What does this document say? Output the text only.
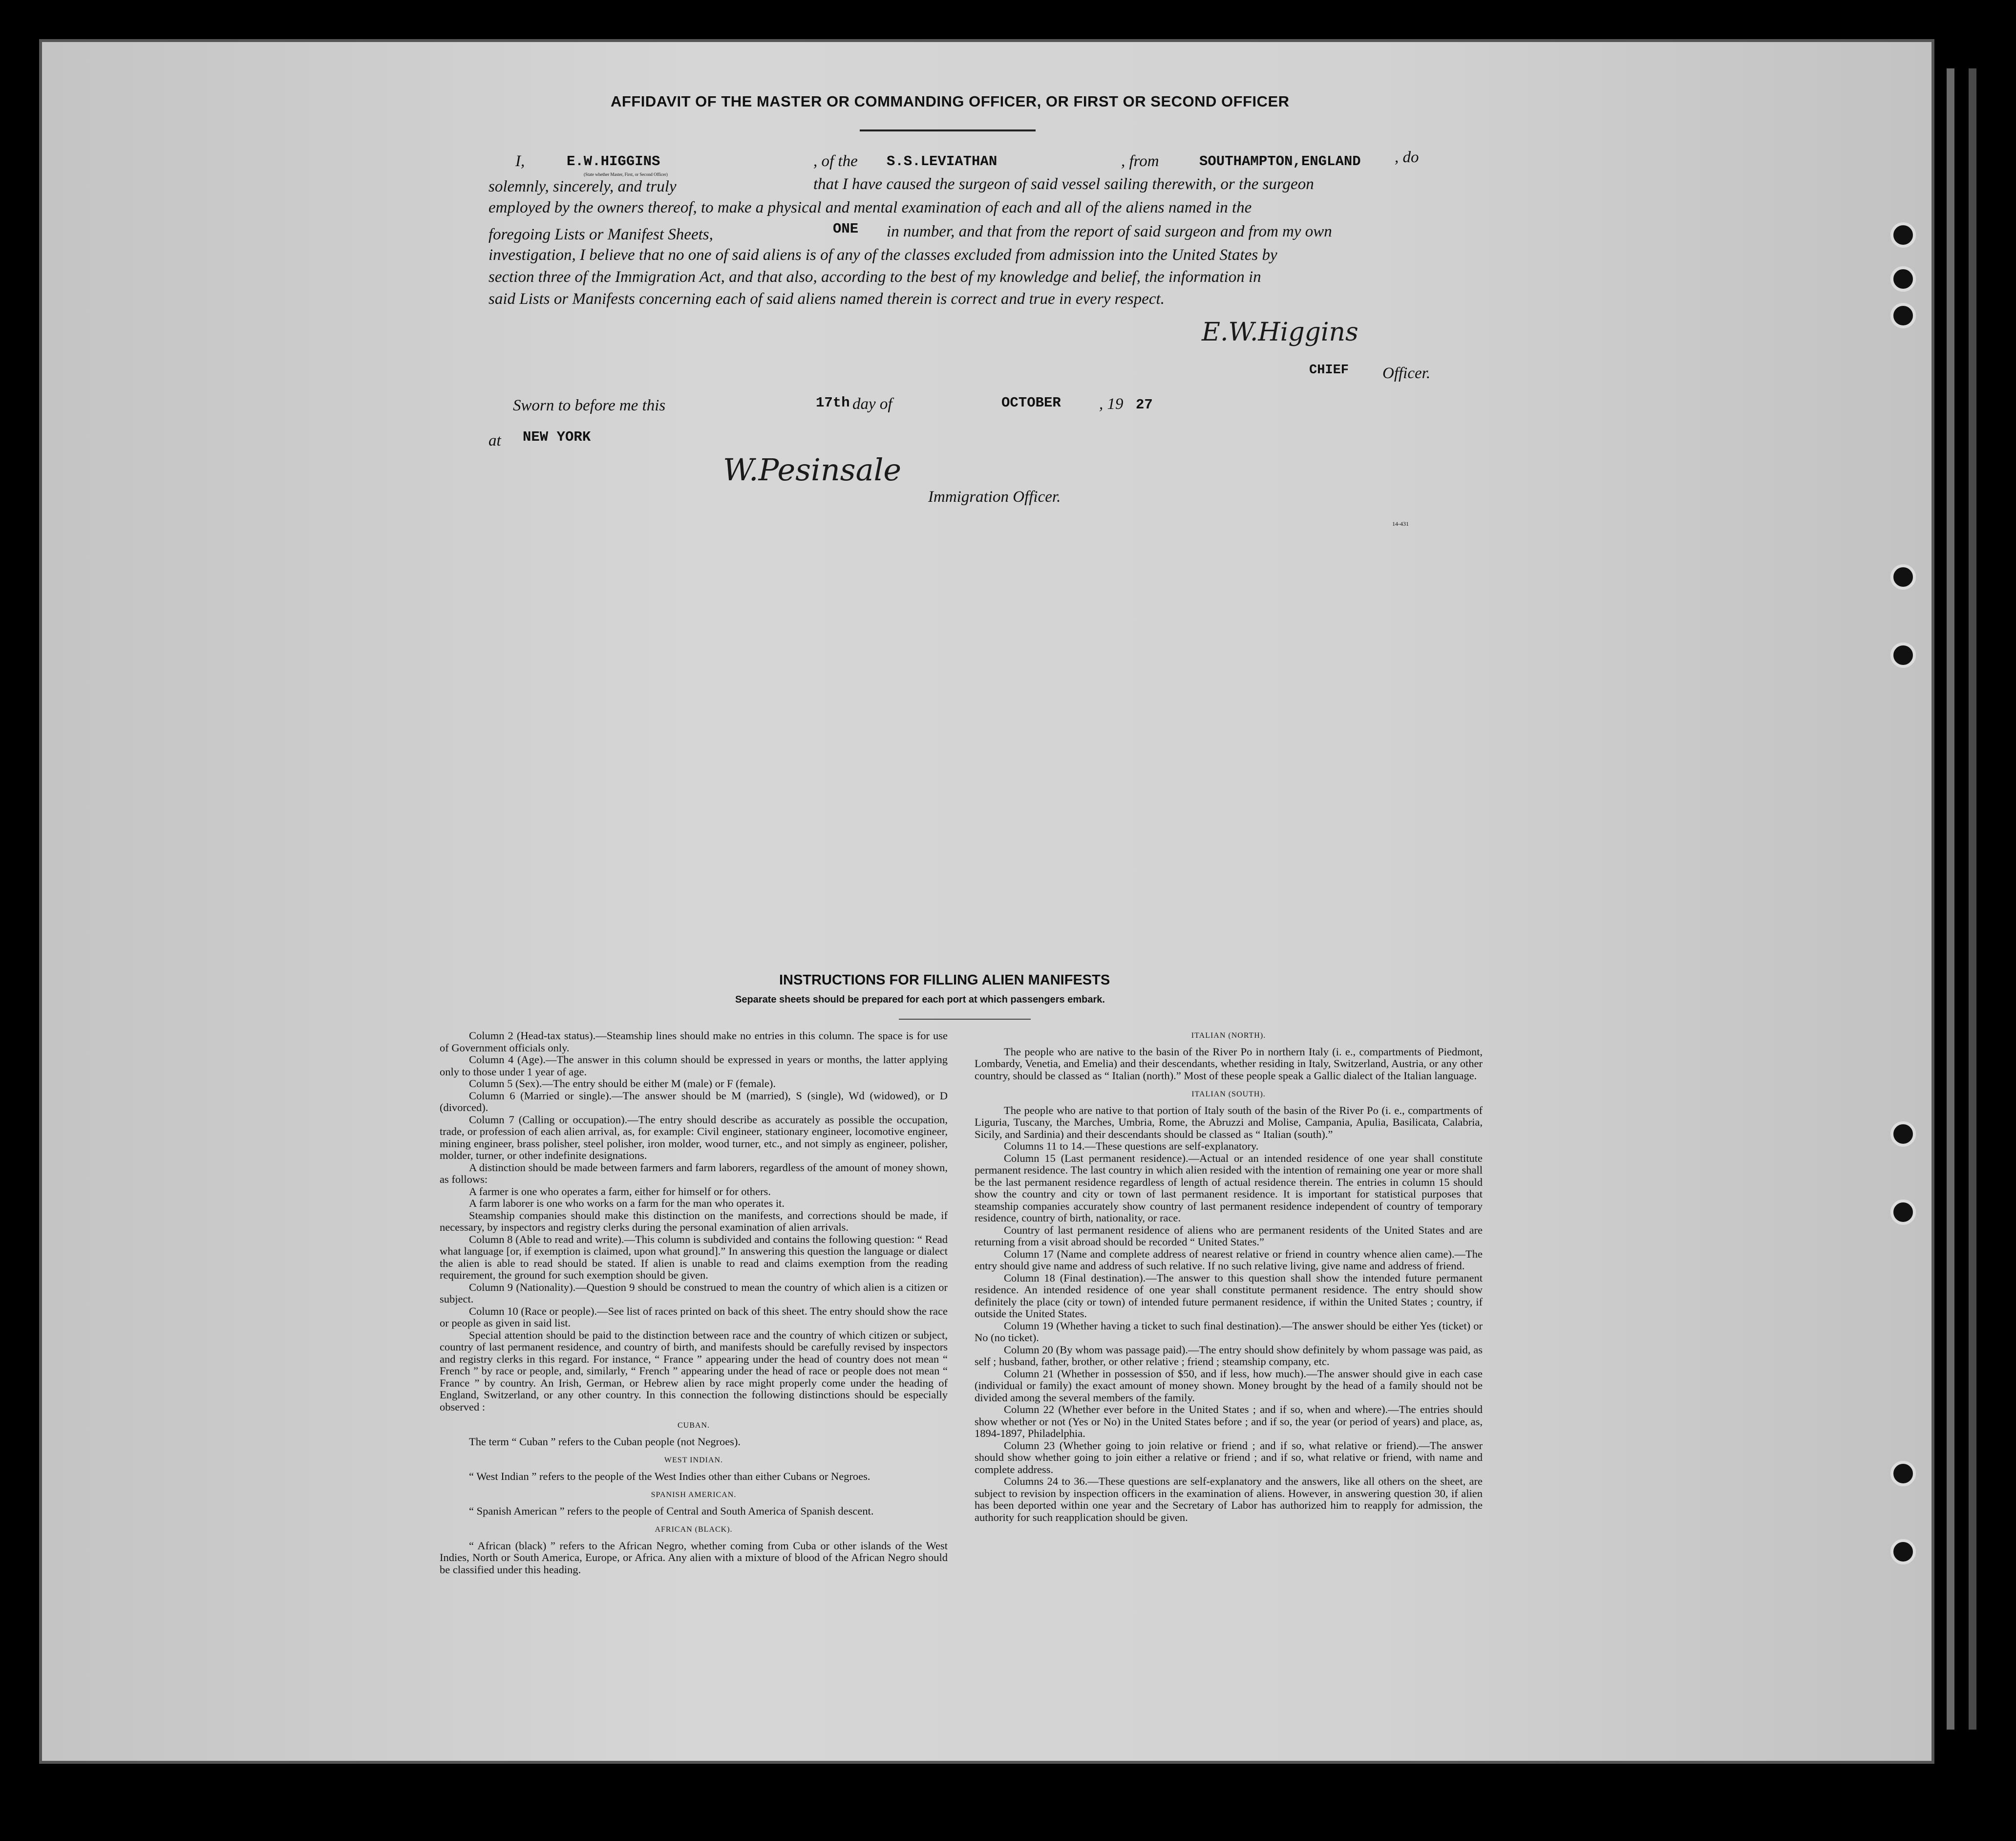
AFFIDAVIT OF THE MASTER OR COMMANDING OFFICER, OR FIRST OR SECOND OFFICER
I,	E.W.HIGGINS
(State whether Master, First, or Second Officer)
, of the S.S.LEVIATHAN	, from	SOUTHAMPTON,ENGLAND , do
solemnly, sincerely, and truly	that I have caused the surgeon of said vessel sailing therewith, or the surgeon
employed by the owners thereof, to make a physical and mental examination of each and all of the aliens named in the
foregoing Lists or Manifest Sheets,	ONE in number, and that from the report of said surgeon and from my own
investigation, I believe that no one of said aliens is of any of the classes excluded from admission into the United States by
section three of the Immigration Act, and that also, according to the best of my knowledge and belief, the information in
said Lists or Manifests concerning each of said aliens named therein is correct and true in every respect.
E.W.Higgins
CHIEF Officer.
Sworn to before me this	17th day of	OCTOBER , 19 27
at NEW YORK
W.Pesinsale
Immigration Officer.
14-431
INSTRUCTIONS FOR FILLING ALIEN MANIFESTS
Separate sheets should be prepared for each port at which passengers embark.

Column 2 (Head-tax status).—Steamship lines should make no entries in this column. The space is for use of Government officials only.

Column 4 (Age).—The answer in this column should be expressed in years or months, the latter applying only to those under 1 year of age.

Column 5 (Sex).—The entry should be either M (male) or F (female).

Column 6 (Married or single).—The answer should be M (married), S (single), Wd (widowed), or D (divorced).

Column 7 (Calling or occupation).—The entry should describe as accurately as possible the occupation, trade, or profession of each alien arrival, as, for example: Civil engineer, stationary engineer, locomotive engineer, mining engineer, brass polisher, steel polisher, iron molder, wood turner, etc., and not simply as engineer, polisher, molder, turner, or other indefinite designations.

A distinction should be made between farmers and farm laborers, regardless of the amount of money shown, as follows:

A farmer is one who operates a farm, either for himself or for others.

A farm laborer is one who works on a farm for the man who operates it.

Steamship companies should make this distinction on the manifests, and corrections should be made, if necessary, by inspectors and registry clerks during the personal examination of alien arrivals.

Column 8 (Able to read and write).—This column is subdivided and contains the following question: “ Read what language [or, if exemption is claimed, upon what ground].” In answering this question the language or dialect the alien is able to read should be stated. If alien is unable to read and claims exemption from the reading requirement, the ground for such exemption should be given.

Column 9 (Nationality).—Question 9 should be construed to mean the country of which alien is a citizen or subject.

Column 10 (Race or people).—See list of races printed on back of this sheet. The entry should show the race or people as given in said list.

Special attention should be paid to the distinction between race and the country of which citizen or subject, country of last permanent residence, and country of birth, and manifests should be carefully revised by inspectors and registry clerks in this regard. For instance, “ France ” appearing under the head of country does not mean “ French ” by race or people, and, similarly, “ French ” appearing under the head of race or people does not mean “ France ” by country. An Irish, German, or Hebrew alien by race might properly come under the heading of England, Switzerland, or any other country. In this connection the following distinctions should be especially observed :

CUBAN.

The term “ Cuban ” refers to the Cuban people (not Negroes).

WEST INDIAN.

“ West Indian ” refers to the people of the West Indies other than either Cubans or Negroes.

SPANISH AMERICAN.

“ Spanish American ” refers to the people of Central and South America of Spanish descent.

AFRICAN (BLACK).

“ African (black) ” refers to the African Negro, whether coming from Cuba or other islands of the West Indies, North or South America, Europe, or Africa. Any alien with a mixture of blood of the African Negro should be classified under this heading.

ITALIAN (NORTH).

The people who are native to the basin of the River Po in northern Italy (i. e., compartments of Piedmont, Lombardy, Venetia, and Emelia) and their descendants, whether residing in Italy, Switzerland, Austria, or any other country, should be classed as “ Italian (north).” Most of these people speak a Gallic dialect of the Italian language.

ITALIAN (SOUTH).

The people who are native to that portion of Italy south of the basin of the River Po (i. e., compartments of Liguria, Tuscany, the Marches, Umbria, Rome, the Abruzzi and Molise, Campania, Apulia, Basilicata, Calabria, Sicily, and Sardinia) and their descendants should be classed as “ Italian (south).”

Columns 11 to 14.—These questions are self-explanatory.

Column 15 (Last permanent residence).—Actual or an intended residence of one year shall constitute permanent residence. The last country in which alien resided with the intention of remaining one year or more shall be the last permanent residence regardless of length of actual residence therein. The entries in column 15 should show the country and city or town of last permanent residence. It is important for statistical purposes that steamship companies accurately show country of last permanent residence independent of country of temporary residence, country of birth, nationality, or race.

Country of last permanent residence of aliens who are permanent residents of the United States and are returning from a visit abroad should be recorded “ United States.”

Column 17 (Name and complete address of nearest relative or friend in country whence alien came).—The entry should give name and address of such relative. If no such relative living, give name and address of friend.

Column 18 (Final destination).—The answer to this question shall show the intended future permanent residence. An intended residence of one year shall constitute permanent residence. The entry should show definitely the place (city or town) of intended future permanent residence, if within the United States ; country, if outside the United States.

Column 19 (Whether having a ticket to such final destination).—The answer should be either Yes (ticket) or No (no ticket).

Column 20 (By whom was passage paid).—The entry should show definitely by whom passage was paid, as self ; husband, father, brother, or other relative ; friend ; steamship company, etc.

Column 21 (Whether in possession of $50, and if less, how much).—The answer should give in each case (individual or family) the exact amount of money shown. Money brought by the head of a family should not be divided among the several members of the family.

Column 22 (Whether ever before in the United States ; and if so, when and where).—The entries should show whether or not (Yes or No) in the United States before ; and if so, the year (or period of years) and place, as, 1894-1897, Philadelphia.

Column 23 (Whether going to join relative or friend ; and if so, what relative or friend).—The answer should show whether going to join either a relative or friend ; and if so, what relative or friend, with name and complete address.

Columns 24 to 36.—These questions are self-explanatory and the answers, like all others on the sheet, are subject to revision by inspection officers in the examination of aliens. However, in answering question 30, if alien has been deported within one year and the Secretary of Labor has authorized him to reapply for admission, the authority for such reapplication should be given.
